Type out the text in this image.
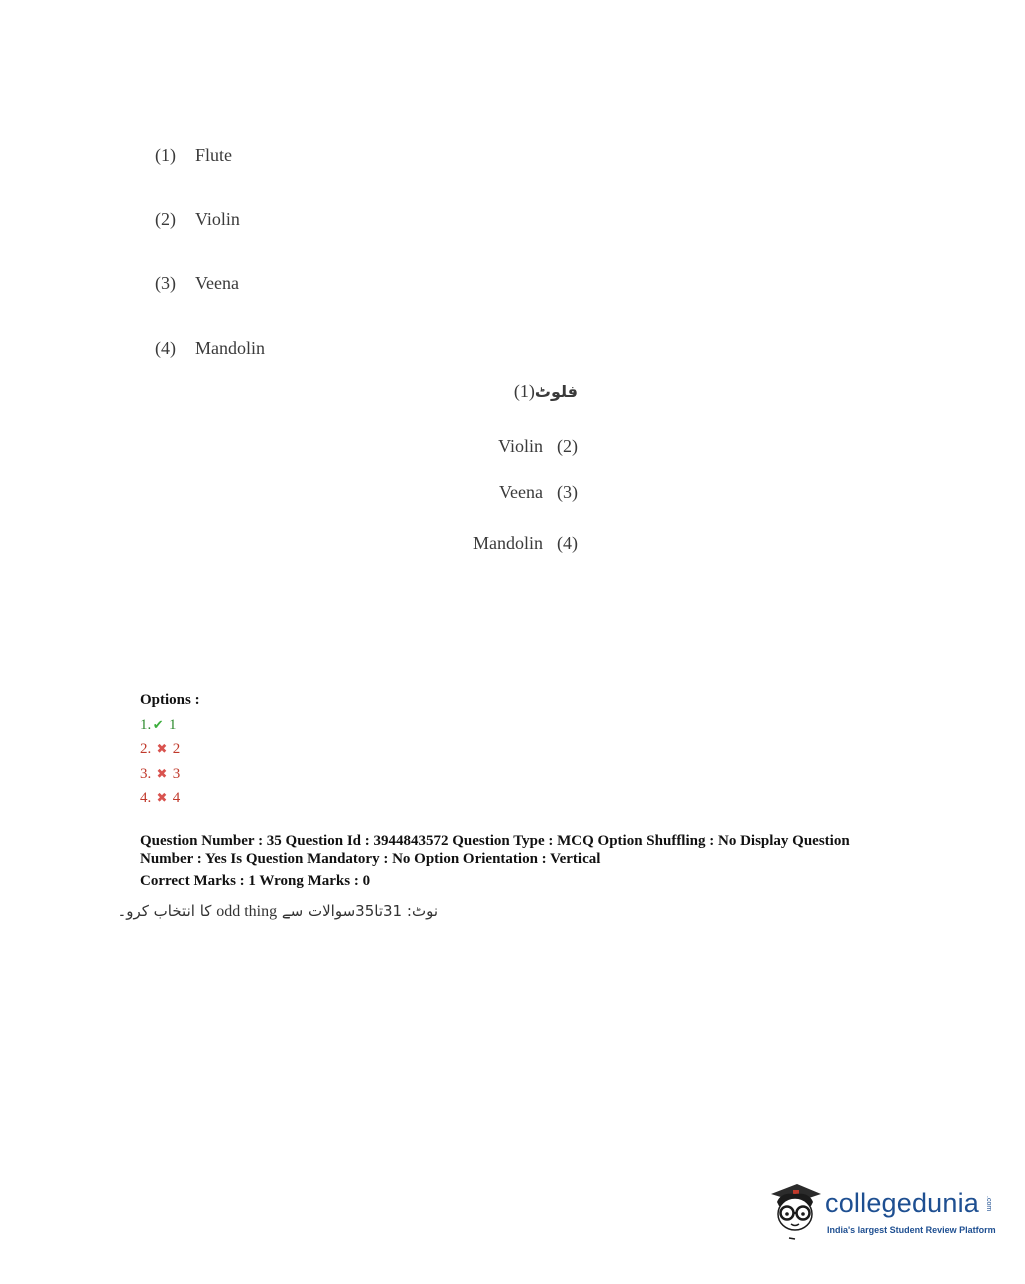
(1) Flute
(2) Violin
(3) Veena
(4) Mandolin
فلوٹ(1)
Violin (2)
Veena (3)
Mandolin (4)
Options :
1. ✔ 1
2. ✖ 2
3. ✖ 3
4. ✖ 4
Question Number : 35 Question Id : 3944843572 Question Type : MCQ Option Shuffling : No Display Question
Number : Yes Is Question Mandatory : No Option Orientation : Vertical
Correct Marks : 1 Wrong Marks : 0
نوٹ: 31تا35سوالات سے odd thing کا انتخاب کرو۔
collegedunia .com
India's largest Student Review Platform
